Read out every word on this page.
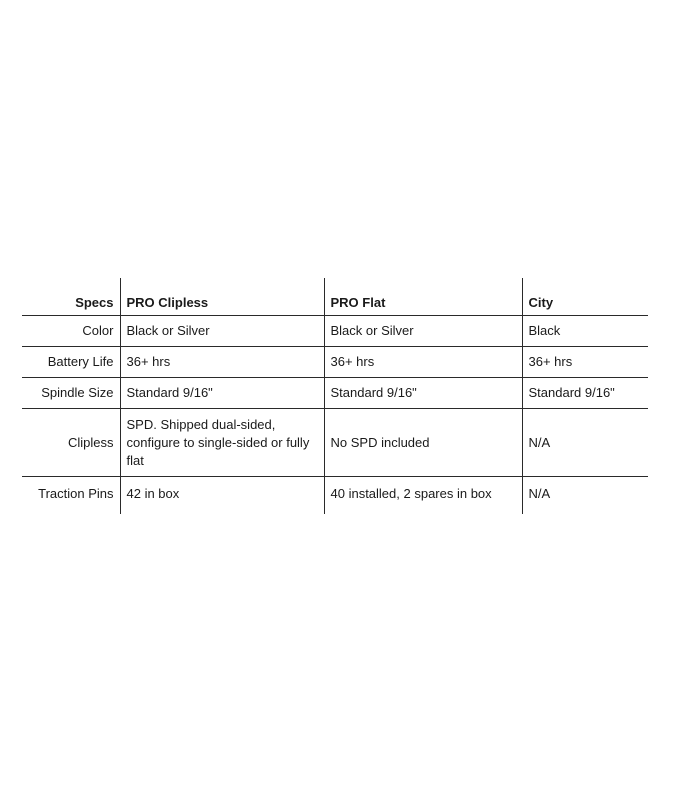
Specs	PRO Clipless	PRO Flat	City
Color	Black or Silver	Black or Silver	Black
Battery Life	36+ hrs	36+ hrs	36+ hrs
Spindle Size	Standard 9/16"	Standard 9/16"	Standard 9/16"
Clipless	SPD. Shipped dual-sided, configure to single-sided or fully flat	No SPD included	N/A
Traction Pins	42 in box	40 installed, 2 spares in box	N/A
